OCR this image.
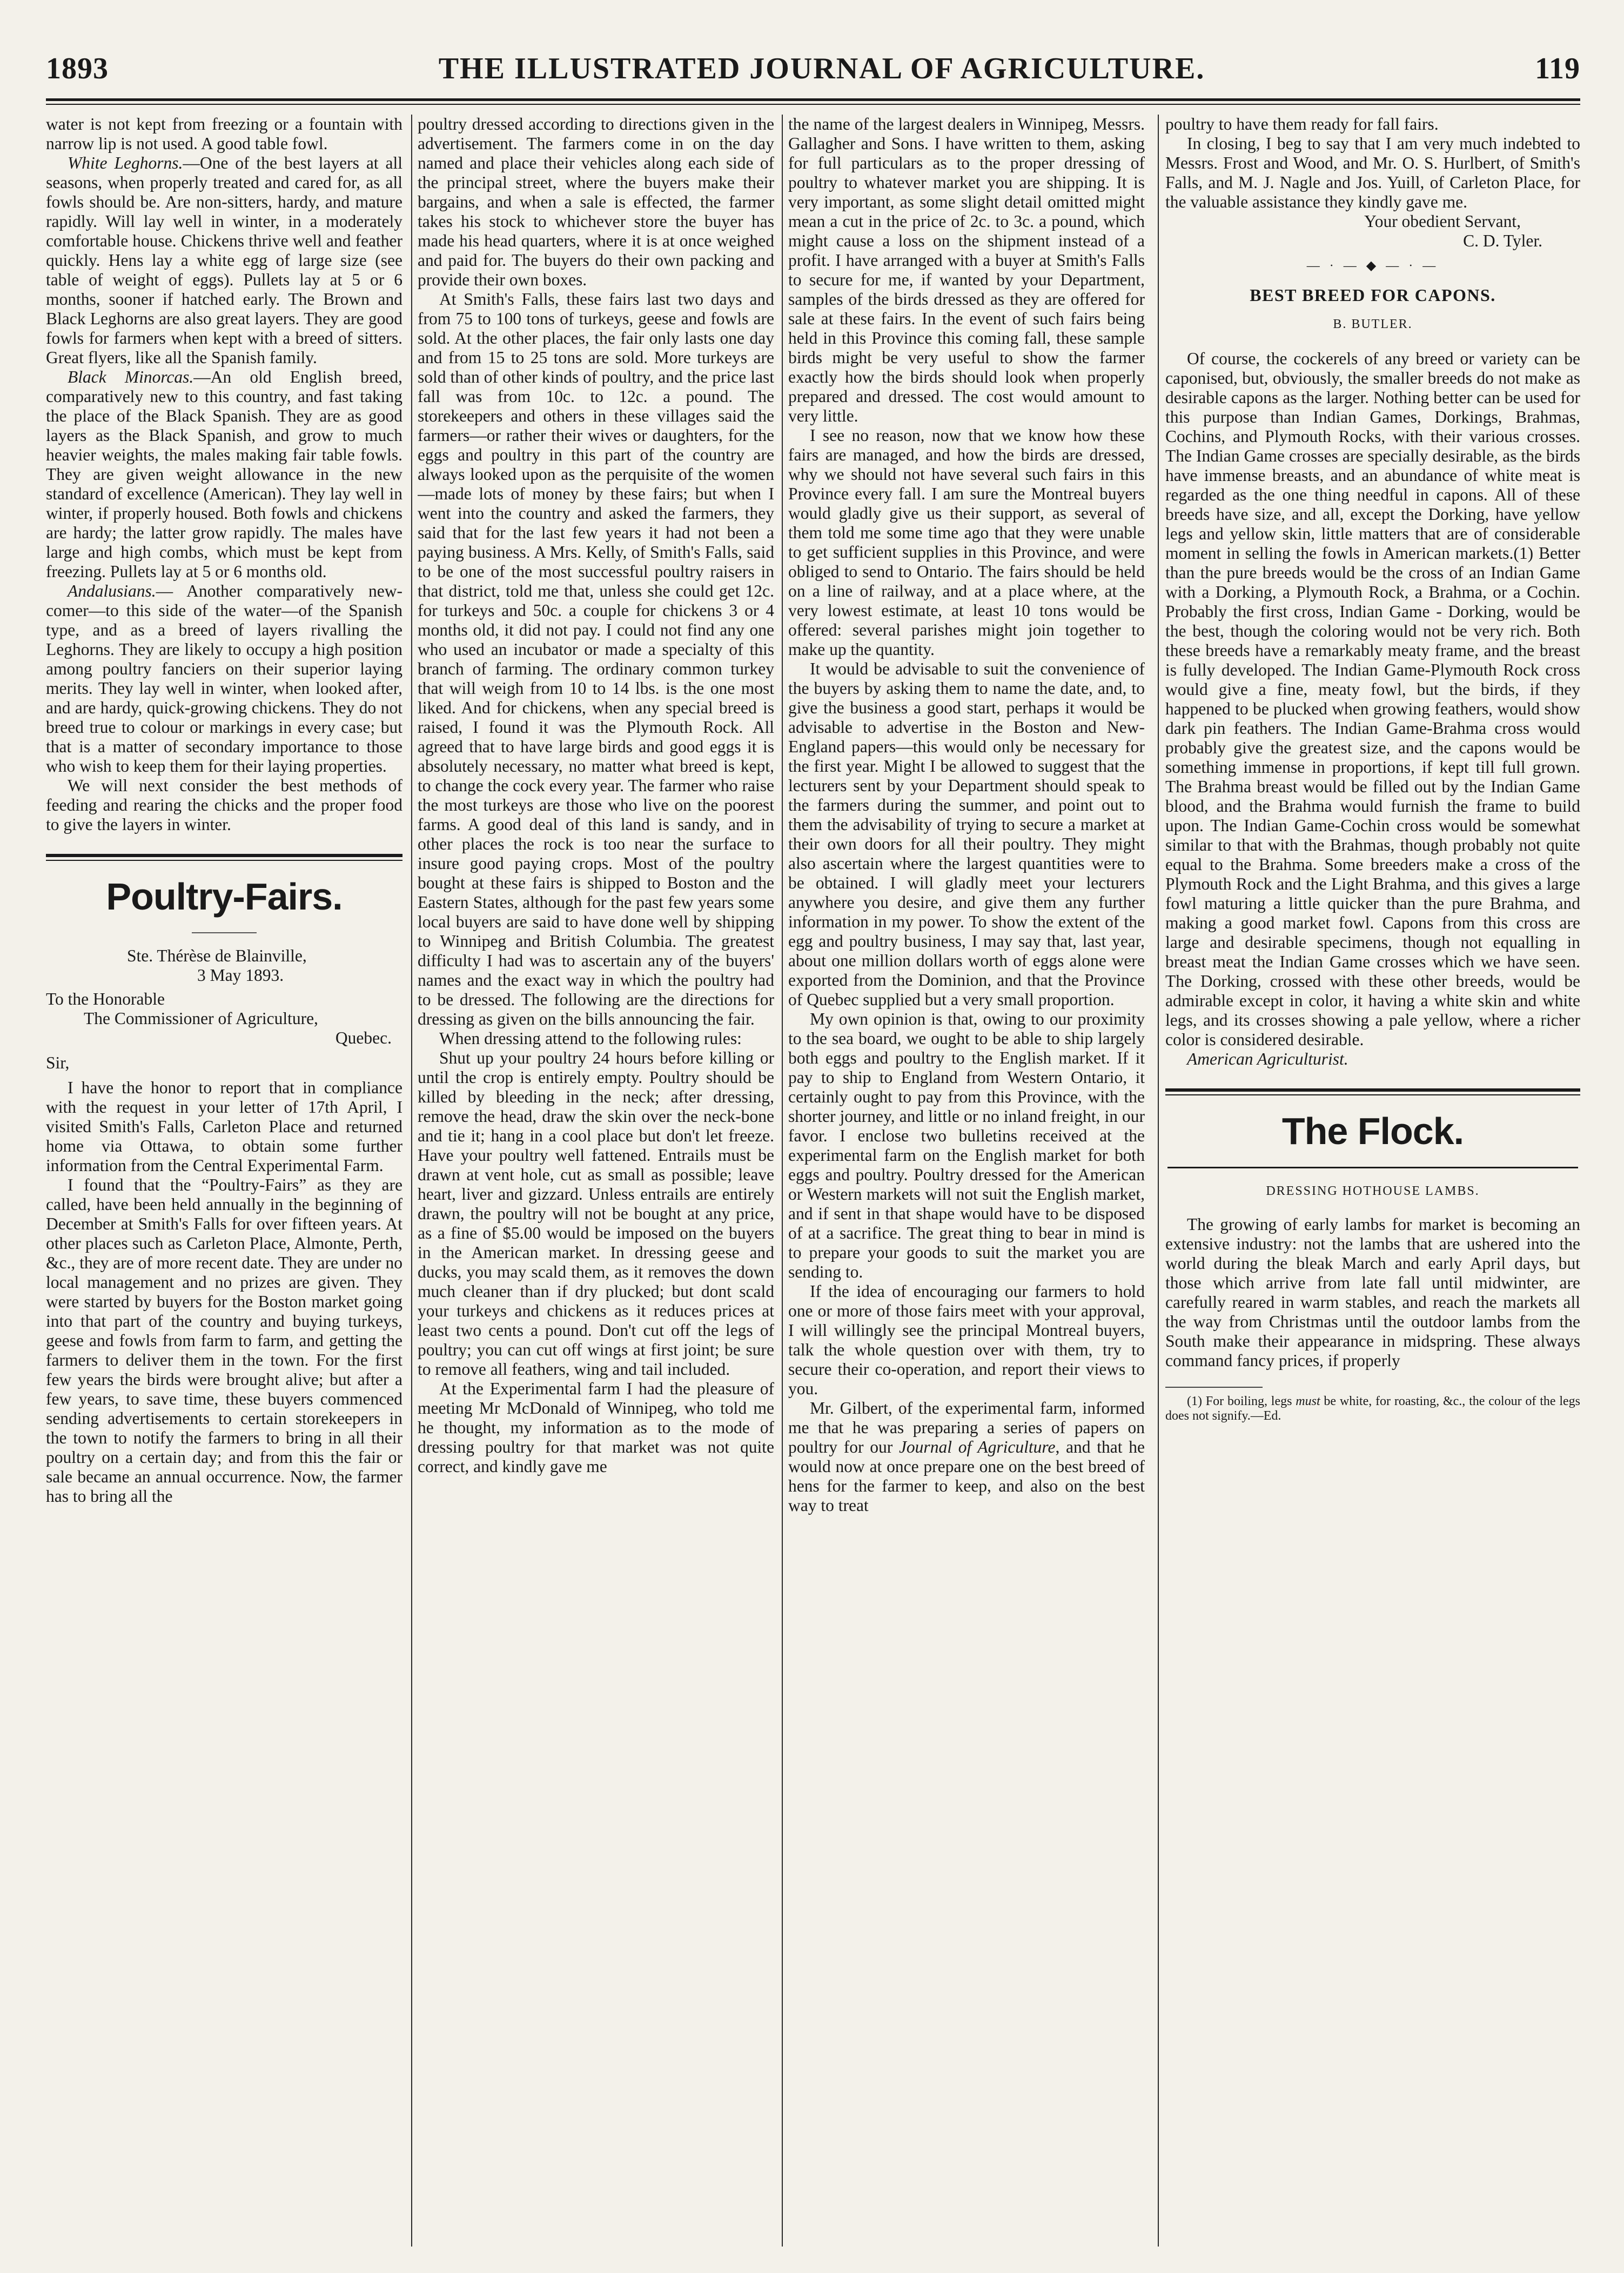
1893	THE ILLUSTRATED JOURNAL OF AGRICULTURE.	119

water is not kept from freezing or a fountain with narrow lip is not used. A good table fowl.

White Leghorns.—One of the best layers at all seasons, when properly treated and cared for, as all fowls should be. Are non-sitters, hardy, and mature rapidly. Will lay well in winter, in a moderately comfortable house. Chickens thrive well and feather quickly. Hens lay a white egg of large size (see table of weight of eggs). Pullets lay at 5 or 6 months, sooner if hatched early. The Brown and Black Leghorns are also great layers. They are good fowls for farmers when kept with a breed of sitters. Great flyers, like all the Spanish family.

Black Minorcas.—An old English breed, comparatively new to this country, and fast taking the place of the Black Spanish. They are as good layers as the Black Spanish, and grow to much heavier weights, the males making fair table fowls. They are given weight allowance in the new standard of excellence (American). They lay well in winter, if properly housed. Both fowls and chickens are hardy; the latter grow rapidly. The males have large and high combs, which must be kept from freezing. Pullets lay at 5 or 6 months old.

Andalusians.— Another comparatively new-comer—to this side of the water—of the Spanish type, and as a breed of layers rivalling the Leghorns. They are likely to occupy a high position among poultry fanciers on their superior laying merits. They lay well in winter, when looked after, and are hardy, quick-growing chickens. They do not breed true to colour or markings in every case; but that is a matter of secondary importance to those who wish to keep them for their laying properties.

We will next consider the best methods of feeding and rearing the chicks and the proper food to give the layers in winter.

Poultry-Fairs.

Ste. Thérèse de Blainville,

3 May 1893.

To the Honorable

The Commissioner of Agriculture,

Quebec.

Sir,

I have the honor to report that in compliance with the request in your letter of 17th April, I visited Smith's Falls, Carleton Place and returned home via Ottawa, to obtain some further information from the Central Experimental Farm.

I found that the “Poultry-Fairs” as they are called, have been held annually in the beginning of December at Smith's Falls for over fifteen years. At other places such as Carleton Place, Almonte, Perth, &c., they are of more recent date. They are under no local management and no prizes are given. They were started by buyers for the Boston market going into that part of the country and buying turkeys, geese and fowls from farm to farm, and getting the farmers to deliver them in the town. For the first few years the birds were brought alive; but after a few years, to save time, these buyers commenced sending advertisements to certain storekeepers in the town to notify the farmers to bring in all their poultry on a certain day; and from this the fair or sale became an annual occurrence. Now, the farmer has to bring all the

poultry dressed according to directions given in the advertisement. The farmers come in on the day named and place their vehicles along each side of the principal street, where the buyers make their bargains, and when a sale is effected, the farmer takes his stock to whichever store the buyer has made his head quarters, where it is at once weighed and paid for. The buyers do their own packing and provide their own boxes.

At Smith's Falls, these fairs last two days and from 75 to 100 tons of turkeys, geese and fowls are sold. At the other places, the fair only lasts one day and from 15 to 25 tons are sold. More turkeys are sold than of other kinds of poultry, and the price last fall was from 10c. to 12c. a pound. The storekeepers and others in these villages said the farmers—or rather their wives or daughters, for the eggs and poultry in this part of the country are always looked upon as the perquisite of the women—made lots of money by these fairs; but when I went into the country and asked the farmers, they said that for the last few years it had not been a paying business. A Mrs. Kelly, of Smith's Falls, said to be one of the most successful poultry raisers in that district, told me that, unless she could get 12c. for turkeys and 50c. a couple for chickens 3 or 4 months old, it did not pay. I could not find any one who used an incubator or made a specialty of this branch of farming. The ordinary common turkey that will weigh from 10 to 14 lbs. is the one most liked. And for chickens, when any special breed is raised, I found it was the Plymouth Rock. All agreed that to have large birds and good eggs it is absolutely necessary, no matter what breed is kept, to change the cock every year. The farmer who raise the most turkeys are those who live on the poorest farms. A good deal of this land is sandy, and in other places the rock is too near the surface to insure good paying crops. Most of the poultry bought at these fairs is shipped to Boston and the Eastern States, although for the past few years some local buyers are said to have done well by shipping to Winnipeg and British Columbia. The greatest difficulty I had was to ascertain any of the buyers' names and the exact way in which the poultry had to be dressed. The following are the directions for dressing as given on the bills announcing the fair.

When dressing attend to the following rules:

Shut up your poultry 24 hours before killing or until the crop is entirely empty. Poultry should be killed by bleeding in the neck; after dressing, remove the head, draw the skin over the neck-bone and tie it; hang in a cool place but don't let freeze. Have your poultry well fattened. Entrails must be drawn at vent hole, cut as small as possible; leave heart, liver and gizzard. Unless entrails are entirely drawn, the poultry will not be bought at any price, as a fine of $5.00 would be imposed on the buyers in the American market. In dressing geese and ducks, you may scald them, as it removes the down much cleaner than if dry plucked; but dont scald your turkeys and chickens as it reduces prices at least two cents a pound. Don't cut off the legs of poultry; you can cut off wings at first joint; be sure to remove all feathers, wing and tail included.

At the Experimental farm I had the pleasure of meeting Mr McDonald of Winnipeg, who told me he thought, my information as to the mode of dressing poultry for that market was not quite correct, and kindly gave me

the name of the largest dealers in Winnipeg, Messrs. Gallagher and Sons. I have written to them, asking for full particulars as to the proper dressing of poultry to whatever market you are shipping. It is very important, as some slight detail omitted might mean a cut in the price of 2c. to 3c. a pound, which might cause a loss on the shipment instead of a profit. I have arranged with a buyer at Smith's Falls to secure for me, if wanted by your Department, samples of the birds dressed as they are offered for sale at these fairs. In the event of such fairs being held in this Province this coming fall, these sample birds might be very useful to show the farmer exactly how the birds should look when properly prepared and dressed. The cost would amount to very little.

I see no reason, now that we know how these fairs are managed, and how the birds are dressed, why we should not have several such fairs in this Province every fall. I am sure the Montreal buyers would gladly give us their support, as several of them told me some time ago that they were unable to get sufficient supplies in this Province, and were obliged to send to Ontario. The fairs should be held on a line of railway, and at a place where, at the very lowest estimate, at least 10 tons would be offered: several parishes might join together to make up the quantity.

It would be advisable to suit the convenience of the buyers by asking them to name the date, and, to give the business a good start, perhaps it would be advisable to advertise in the Boston and New-England papers—this would only be necessary for the first year. Might I be allowed to suggest that the lecturers sent by your Department should speak to the farmers during the summer, and point out to them the advisability of trying to secure a market at their own doors for all their poultry. They might also ascertain where the largest quantities were to be obtained. I will gladly meet your lecturers anywhere you desire, and give them any further information in my power. To show the extent of the egg and poultry business, I may say that, last year, about one million dollars worth of eggs alone were exported from the Dominion, and that the Province of Quebec supplied but a very small proportion.

My own opinion is that, owing to our proximity to the sea board, we ought to be able to ship largely both eggs and poultry to the English market. If it pay to ship to England from Western Ontario, it certainly ought to pay from this Province, with the shorter journey, and little or no inland freight, in our favor. I enclose two bulletins received at the experimental farm on the English market for both eggs and poultry. Poultry dressed for the American or Western markets will not suit the English market, and if sent in that shape would have to be disposed of at a sacrifice. The great thing to bear in mind is to prepare your goods to suit the market you are sending to.

If the idea of encouraging our farmers to hold one or more of those fairs meet with your approval, I will willingly see the principal Montreal buyers, talk the whole question over with them, try to secure their co-operation, and report their views to you.

Mr. Gilbert, of the experimental farm, informed me that he was preparing a series of papers on poultry for our Journal of Agriculture, and that he would now at once prepare one on the best breed of hens for the farmer to keep, and also on the best way to treat

poultry to have them ready for fall fairs.

In closing, I beg to say that I am very much indebted to Messrs. Frost and Wood, and Mr. O. S. Hurlbert, of Smith's Falls, and M. J. Nagle and Jos. Yuill, of Carleton Place, for the valuable assistance they kindly gave me.

Your obedient Servant,

C. D. Tyler.

— · — ◆ — · —
BEST BREED FOR CAPONS.
B. BUTLER.

Of course, the cockerels of any breed or variety can be caponised, but, obviously, the smaller breeds do not make as desirable capons as the larger. Nothing better can be used for this purpose than Indian Games, Dorkings, Brahmas, Cochins, and Plymouth Rocks, with their various crosses. The Indian Game crosses are specially desirable, as the birds have immense breasts, and an abundance of white meat is regarded as the one thing needful in capons. All of these breeds have size, and all, except the Dorking, have yellow legs and yellow skin, little matters that are of considerable moment in selling the fowls in American markets.(1) Better than the pure breeds would be the cross of an Indian Game with a Dorking, a Plymouth Rock, a Brahma, or a Cochin. Probably the first cross, Indian Game - Dorking, would be the best, though the coloring would not be very rich. Both these breeds have a remarkably meaty frame, and the breast is fully developed. The Indian Game-Plymouth Rock cross would give a fine, meaty fowl, but the birds, if they happened to be plucked when growing feathers, would show dark pin feathers. The Indian Game-Brahma cross would probably give the greatest size, and the capons would be something immense in proportions, if kept till full grown. The Brahma breast would be filled out by the Indian Game blood, and the Brahma would furnish the frame to build upon. The Indian Game-Cochin cross would be somewhat similar to that with the Brahmas, though probably not quite equal to the Brahma. Some breeders make a cross of the Plymouth Rock and the Light Brahma, and this gives a large fowl maturing a little quicker than the pure Brahma, and making a good market fowl. Capons from this cross are large and desirable specimens, though not equalling in breast meat the Indian Game crosses which we have seen. The Dorking, crossed with these other breeds, would be admirable except in color, it having a white skin and white legs, and its crosses showing a pale yellow, where a richer color is considered desirable.

American Agriculturist.

The Flock.
DRESSING HOTHOUSE LAMBS.

The growing of early lambs for market is becoming an extensive industry: not the lambs that are ushered into the world during the bleak March and early April days, but those which arrive from late fall until midwinter, are carefully reared in warm stables, and reach the markets all the way from Christmas until the outdoor lambs from the South make their appearance in midspring. These always command fancy prices, if properly

(1) For boiling, legs must be white, for roasting, &c., the colour of the legs does not signify.—Ed.
